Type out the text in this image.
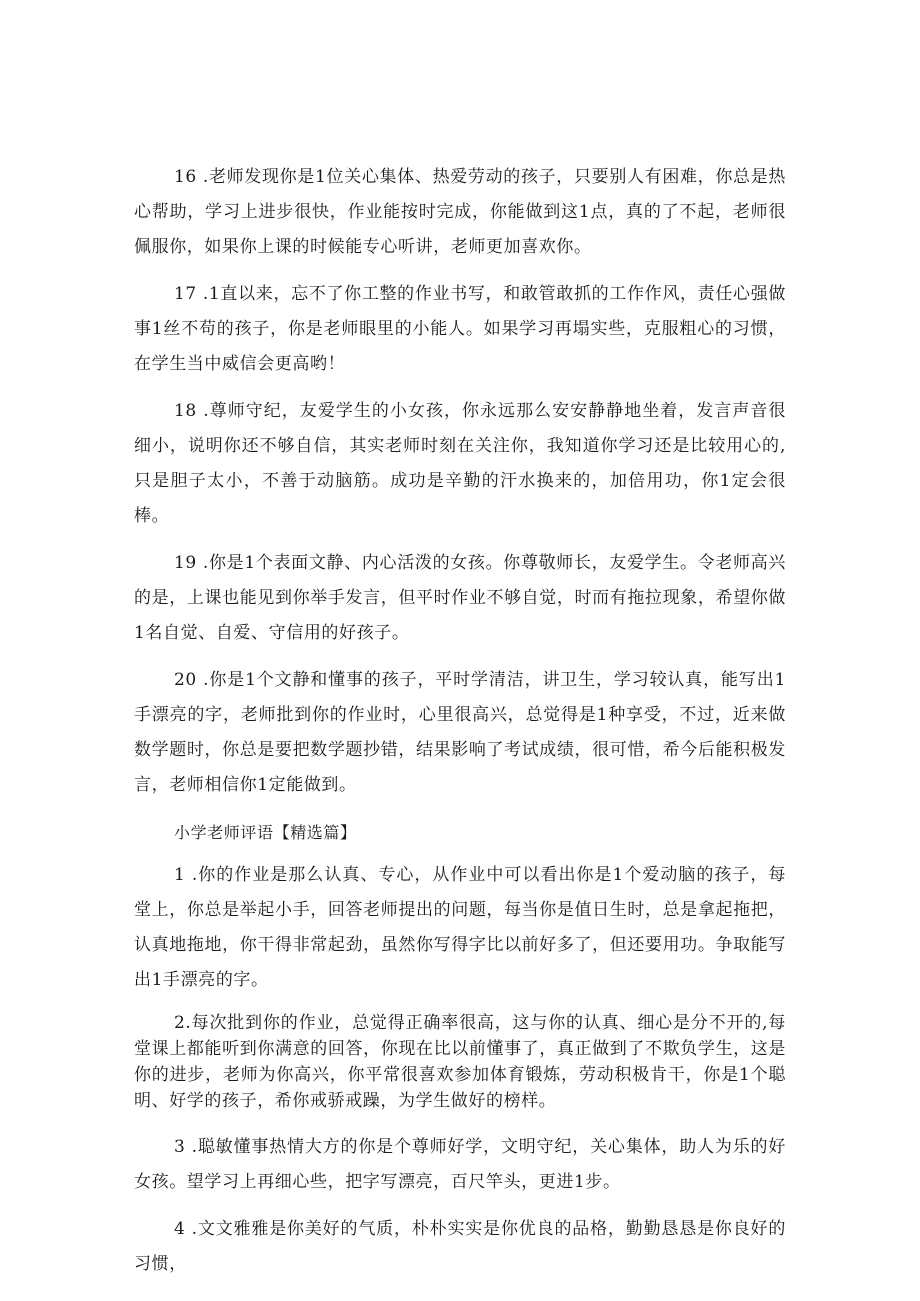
16 .老师发现你是1位关心集体、热爱劳动的孩子，只要别人有困难，你总是热心帮助，学习上进步很快，作业能按时完成，你能做到这1点，真的了不起，老师很佩服你，如果你上课的时候能专心听讲，老师更加喜欢你。

17 .1直以来，忘不了你工整的作业书写，和敢管敢抓的工作作风，责任心强做事1丝不苟的孩子，你是老师眼里的小能人。如果学习再塌实些，克服粗心的习惯，在学生当中威信会更高哟！

18 .尊师守纪，友爱学生的小女孩，你永远那么安安静静地坐着，发言声音很细小，说明你还不够自信，其实老师时刻在关注你，我知道你学习还是比较用心的,只是胆子太小，不善于动脑筋。成功是辛勤的汗水换来的，加倍用功，你1定会很棒。

19 .你是1个表面文静、内心活泼的女孩。你尊敬师长，友爱学生。令老师高兴的是，上课也能见到你举手发言，但平时作业不够自觉，时而有拖拉现象，希望你做1名自觉、自爱、守信用的好孩子。

20 .你是1个文静和懂事的孩子，平时学清洁，讲卫生，学习较认真，能写出1手漂亮的字，老师批到你的作业时，心里很高兴，总觉得是1种享受，不过，近来做数学题时，你总是要把数学题抄错，结果影响了考试成绩，很可惜，希今后能积极发言，老师相信你1定能做到。

小学老师评语【精选篇】

1 .你的作业是那么认真、专心，从作业中可以看出你是1个爱动脑的孩子，每堂上，你总是举起小手，回答老师提出的问题，每当你是值日生时，总是拿起拖把，认真地拖地，你干得非常起劲，虽然你写得字比以前好多了，但还要用功。争取能写出1手漂亮的字。

2.每次批到你的作业，总觉得正确率很高，这与你的认真、细心是分不开的,每堂课上都能听到你满意的回答，你现在比以前懂事了，真正做到了不欺负学生，这是你的进步，老师为你高兴，你平常很喜欢参加体育锻炼，劳动积极肯干，你是1个聪明、好学的孩子，希你戒骄戒躁，为学生做好的榜样。

3 .聪敏懂事热情大方的你是个尊师好学，文明守纪，关心集体，助人为乐的好女孩。望学习上再细心些，把字写漂亮，百尺竿头，更进1步。

4 .文文雅雅是你美好的气质，朴朴实实是你优良的品格，勤勤恳恳是你良好的习惯，
